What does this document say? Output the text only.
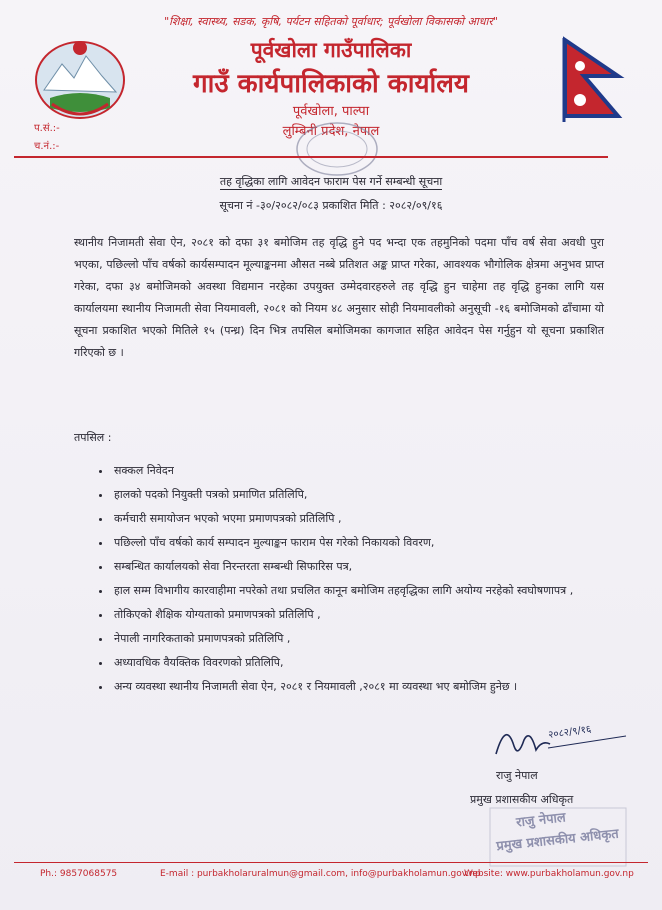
"शिक्षा, स्वास्थ्य, सडक, कृषि, पर्यटन सहितको पूर्वाधार; पूर्वखोला विकासको आधार"
पूर्वखोला गाउँपालिका
गाउँ कार्यपालिकाको कार्यालय
पूर्वखोला, पाल्पा
लुम्बिनी प्रदेश, नेपाल
प.सं.:-
च.नं.:-
तह वृद्धिका लागि आवेदन फाराम पेस गर्ने सम्बन्धी सूचना
सूचना नं -३०/२०८२/०८३ प्रकाशित मिति : २०८२/०९/१६
स्थानीय निजामती सेवा ऐन, २०८१ को दफा ३१ बमोजिम तह वृद्धि हुने पद भन्दा एक तहमुनिको पदमा पाँच वर्ष सेवा अवधी पुरा भएका, पछिल्लो पाँच वर्षको कार्यसम्पादन मूल्याङ्कनमा औसत नब्बे प्रतिशत अङ्क प्राप्त गरेका, आवश्यक भौगोलिक क्षेत्रमा अनुभव प्राप्त गरेका, दफा ३४ बमोजिमको अवस्था विद्यमान नरहेका उपयुक्त उम्मेदवारहरुले तह वृद्धि हुन चाहेमा तह वृद्धि हुनका लागि यस कार्यालयमा स्थानीय निजामती सेवा नियमावली, २०८१ को नियम ४८ अनुसार सोही नियमावलीको अनुसूची -१६ बमोजिमको ढाँचामा यो सूचना प्रकाशित भएको मितिले १५ (पन्ध्र) दिन भित्र तपसिल बमोजिमका कागजात सहित आवेदन पेस गर्नुहुन यो सूचना प्रकाशित गरिएको छ ।
तपसिल :
• सक्कल निवेदन
• हालको पदको नियुक्ती पत्रको प्रमाणित प्रतिलिपि,
• कर्मचारी समायोजन भएको भएमा प्रमाणपत्रको प्रतिलिपि ,
• पछिल्लो पाँच वर्षको कार्य सम्पादन मुल्याङ्कन फाराम पेस गरेको निकायको विवरण,
• सम्बन्धित कार्यालयको सेवा निरन्तरता सम्बन्धी सिफारिस पत्र,
• हाल सम्म विभागीय कारवाहीमा नपरेको तथा प्रचलित कानून बमोजिम तहवृद्धिका लागि अयोग्य नरहेको स्वघोषणापत्र ,
• तोकिएको शैक्षिक योग्यताको प्रमाणपत्रको प्रतिलिपि ,
• नेपाली नागरिकताको प्रमाणपत्रको प्रतिलिपि ,
• अध्यावधिक वैयक्तिक विवरणको प्रतिलिपि,
• अन्य व्यवस्था स्थानीय निजामती सेवा ऐन, २०८१ र नियमावली ,२०८१ मा व्यवस्था भए बमोजिम हुनेछ ।
२०८२/९/१६
राजु नेपाल
प्रमुख प्रशासकीय अधिकृत
राजु नेपाल
प्रमुख प्रशासकीय अधिकृत
Ph.: 9857068575	E-mail : purbakholaruralmun@gmail.com, info@purbakholamun.gov.np
Website: www.purbakholamun.gov.np
